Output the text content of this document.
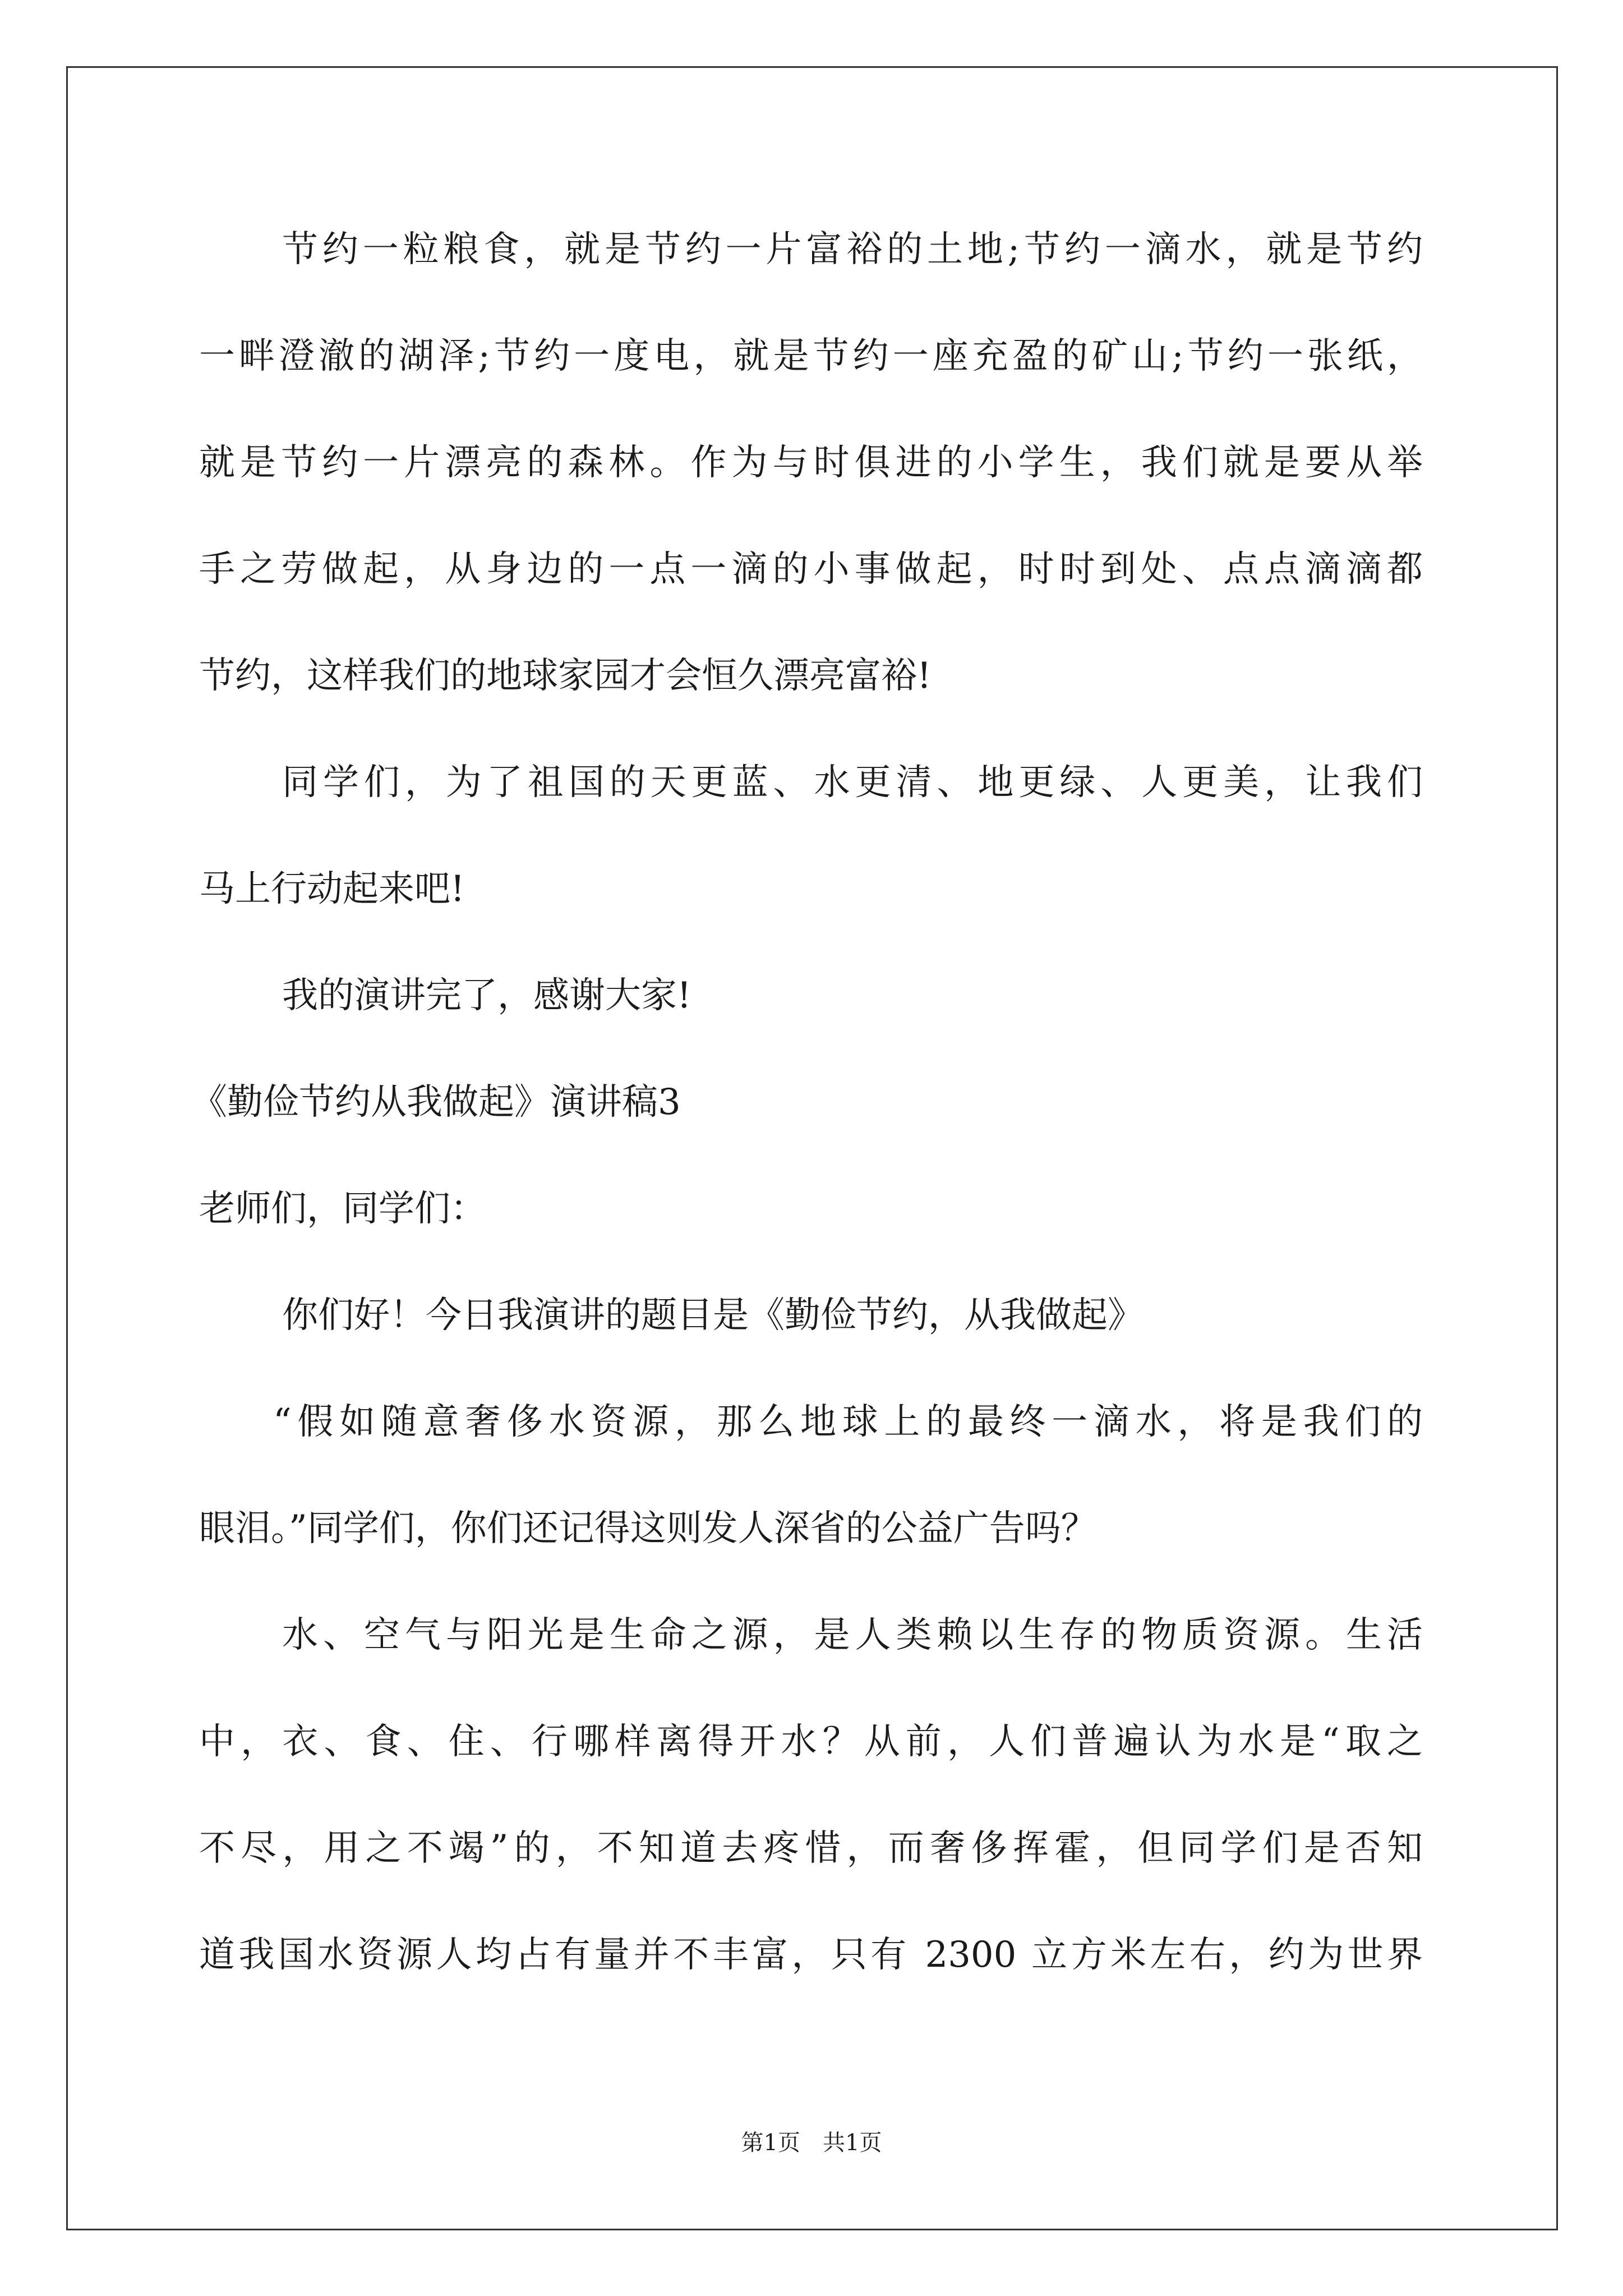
节约一粒粮食，就是节约一片富裕的土地;节约一滴水，就是节约
一畔澄澈的湖泽;节约一度电，就是节约一座充盈的矿山;节约一张纸，
就是节约一片漂亮的森林。作为与时俱进的小学生，我们就是要从举
手之劳做起，从身边的一点一滴的小事做起，时时到处、点点滴滴都
节约，这样我们的地球家园才会恒久漂亮富裕!
同学们，为了祖国的天更蓝、水更清、地更绿、人更美，让我们
马上行动起来吧!
我的演讲完了，感谢大家!
《勤俭节约从我做起》演讲稿3
老师们，同学们：
你们好！今日我演讲的题目是《勤俭节约，从我做起》
“假如随意奢侈水资源，那么地球上的最终一滴水，将是我们的
眼泪。”同学们，你们还记得这则发人深省的公益广告吗？
水、空气与阳光是生命之源，是人类赖以生存的物质资源。生活
中，衣、食、住、行哪样离得开水？从前，人们普遍认为水是“取之
不尽，用之不竭”的，不知道去疼惜，而奢侈挥霍，但同学们是否知
道我国水资源人均占有量并不丰富，只有 2300 立方米左右，约为世界
第1页　共1页
